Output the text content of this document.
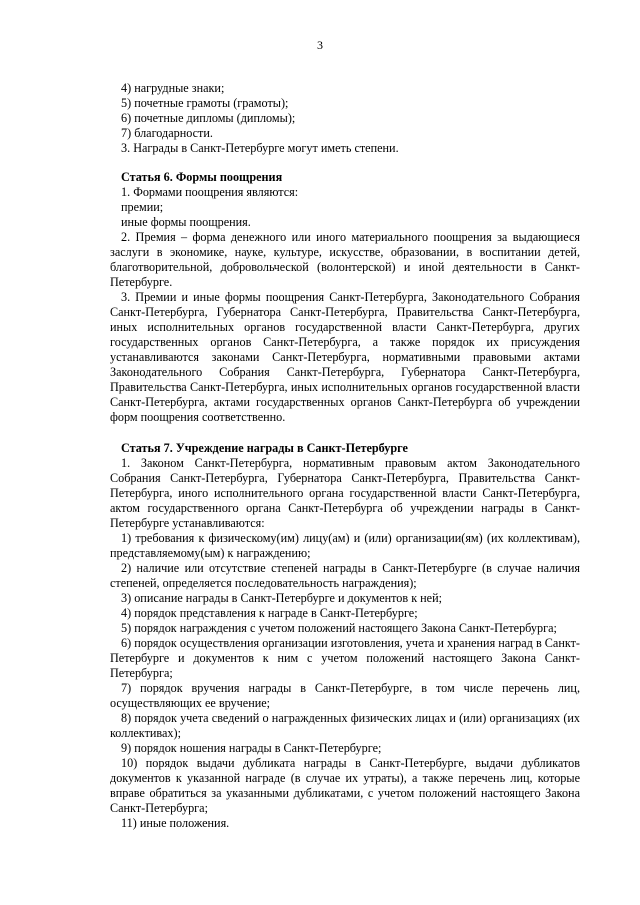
3

4) нагрудные знаки;

5) почетные грамоты (грамоты);

6) почетные дипломы (дипломы);

7) благодарности.

3. Награды в Санкт-Петербурге могут иметь степени.

Статья 6. Формы поощрения

1. Формами поощрения являются:

премии;

иные формы поощрения.

2. Премия – форма денежного или иного материального поощрения за выдающиеся заслуги в экономике, науке, культуре, искусстве, образовании, в воспитании детей, благотворительной, добровольческой (волонтерской) и иной деятельности в Санкт-Петербурге.

3. Премии и иные формы поощрения Санкт-Петербурга, Законодательного Собрания Санкт-Петербурга, Губернатора Санкт-Петербурга, Правительства Санкт-Петербурга, иных исполнительных органов государственной власти Санкт-Петербурга, других государственных органов Санкт-Петербурга, а также порядок их присуждения устанавливаются законами Санкт-Петербурга, нормативными правовыми актами Законодательного Собрания Санкт-Петербурга, Губернатора Санкт-Петербурга, Правительства Санкт-Петербурга, иных исполнительных органов государственной власти Санкт-Петербурга, актами государственных органов Санкт-Петербурга об учреждении форм поощрения соответственно.

Статья 7. Учреждение награды в Санкт-Петербурге

1. Законом Санкт-Петербурга, нормативным правовым актом Законодательного Собрания Санкт-Петербурга, Губернатора Санкт-Петербурга, Правительства Санкт-Петербурга, иного исполнительного органа государственной власти Санкт-Петербурга, актом государственного органа Санкт-Петербурга об учреждении награды в Санкт-Петербурге устанавливаются:

1) требования к физическому(им) лицу(ам) и (или) организации(ям) (их коллективам), представляемому(ым) к награждению;

2) наличие или отсутствие степеней награды в Санкт-Петербурге (в случае наличия степеней, определяется последовательность награждения);

3) описание награды в Санкт-Петербурге и документов к ней;

4) порядок представления к награде в Санкт-Петербурге;

5) порядок награждения с учетом положений настоящего Закона Санкт-Петербурга;

6) порядок осуществления организации изготовления, учета и хранения наград в Санкт-Петербурге и документов к ним с учетом положений настоящего Закона Санкт-Петербурга;

7) порядок вручения награды в Санкт-Петербурге, в том числе перечень лиц, осуществляющих ее вручение;

8) порядок учета сведений о награжденных физических лицах и (или) организациях (их коллективах);

9) порядок ношения награды в Санкт-Петербурге;

10) порядок выдачи дубликата награды в Санкт-Петербурге, выдачи дубликатов документов к указанной награде (в случае их утраты), а также перечень лиц, которые вправе обратиться за указанными дубликатами, с учетом положений настоящего Закона Санкт-Петербурга;

11) иные положения.
